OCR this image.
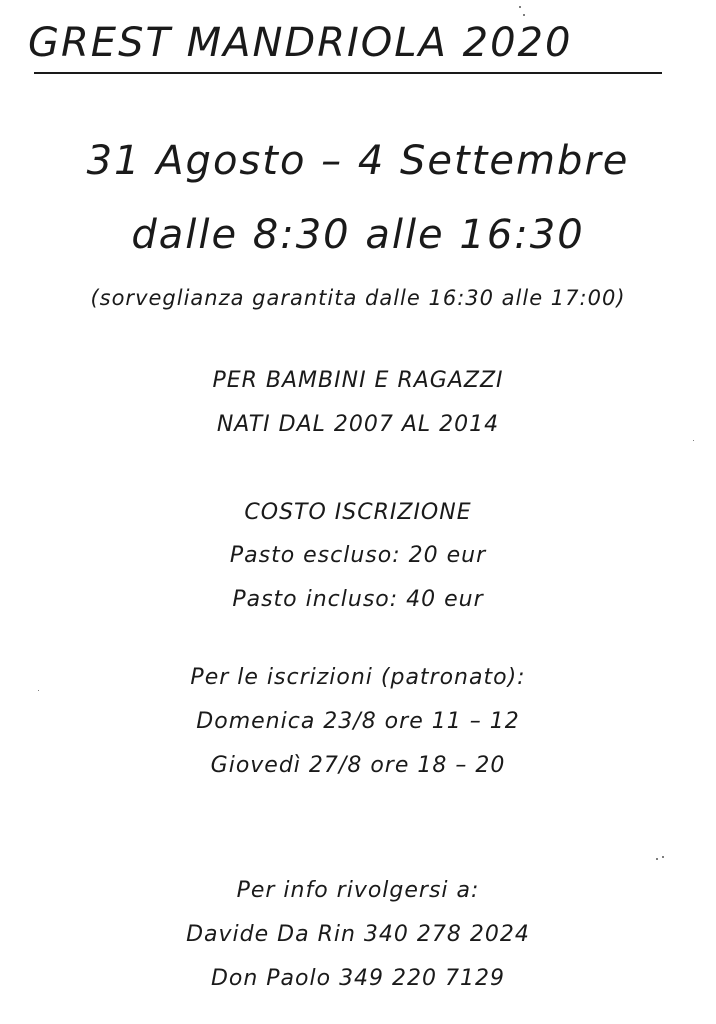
GREST MANDRIOLA 2020
31 Agosto – 4 Settembre
dalle 8:30 alle 16:30
(sorveglianza garantita dalle 16:30 alle 17:00)
PER BAMBINI E RAGAZZI
NATI DAL 2007 AL 2014
COSTO ISCRIZIONE
Pasto escluso: 20 eur
Pasto incluso: 40 eur
Per le iscrizioni (patronato):
Domenica 23/8 ore 11 – 12
Giovedì 27/8 ore 18 – 20
Per info rivolgersi a:
Davide Da Rin 340 278 2024
Don Paolo 349 220 7129
